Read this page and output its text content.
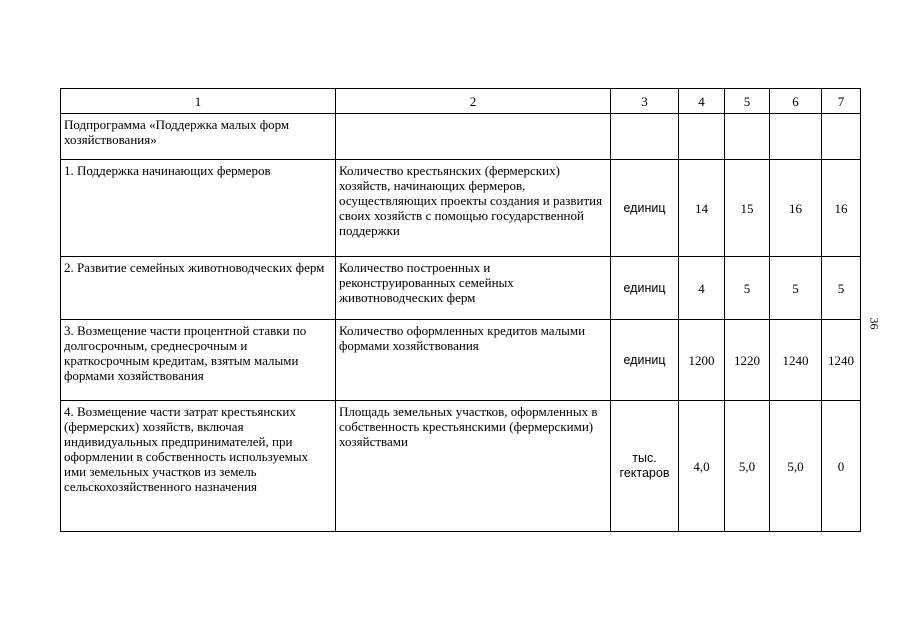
1	2	3	4	5	6	7
Подпрограмма «Поддержка малых форм хозяйствования»						
1. Поддержка начинающих фермеров	Количество крестьянских (фермерских) хозяйств, начинающих фермеров, осуществляющих проекты создания и развития своих хозяйств с помощью государственной поддержки	единиц	14	15	16	16
2. Развитие семейных животноводческих ферм	Количество построенных и реконструированных семейных животноводческих ферм	единиц	4	5	5	5
3. Возмещение части процентной ставки по долгосрочным, среднесрочным и краткосрочным кредитам, взятым малыми формами хозяйствования	Количество оформленных кредитов малыми формами хозяйствования	единиц	1200	1220	1240	1240
4. Возмещение части затрат крестьянских (фермерских) хозяйств, включая индивидуальных предпринимателей, при оформлении в собственность используемых ими земельных участков из земель сельскохозяйственного назначения	Площадь земельных участков, оформленных в собственность крестьянскими (фермерскими) хозяйствами	тыс. гектаров	4,0	5,0	5,0	0
36
